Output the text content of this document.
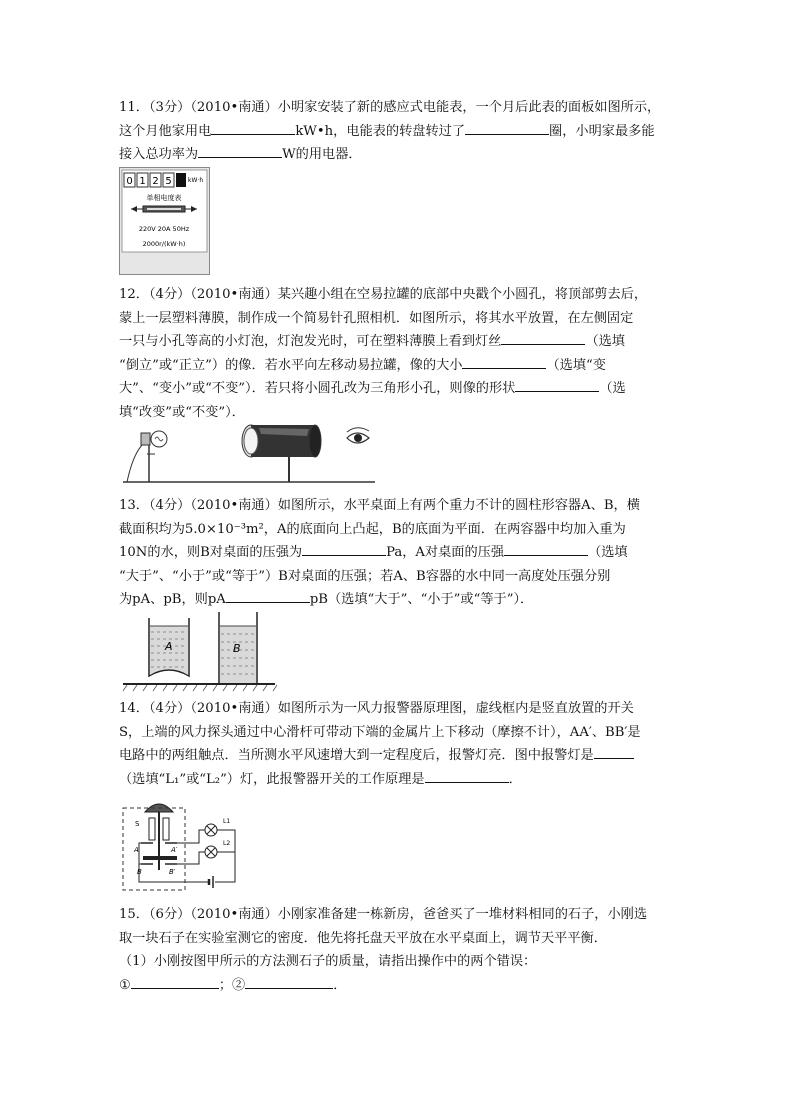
11．（3分）（2010•南通）小明家安装了新的感应式电能表，一个月后此表的面板如图所示，
这个月他家用电	kW•h，电能表的转盘转过了	圈，小明家最多能
接入总功率为	W的用电器．
0 1 2 5	kW·h
单相电度表
220V 20A 50Hz
2000r/(kW·h)
12．（4分）（2010•南通）某兴趣小组在空易拉罐的底部中央戳个小圆孔，将顶部剪去后，
蒙上一层塑料薄膜，制作成一个简易针孔照相机．如图所示，将其水平放置，在左侧固定
一只与小孔等高的小灯泡，灯泡发光时，可在塑料薄膜上看到灯丝	（选填
“倒立”或“正立”）的像．若水平向左移动易拉罐，像的大小	（选填“变
大”、“变小”或“不变”）．若只将小圆孔改为三角形小孔，则像的形状	（选
填“改变”或“不变”）．
13．（4分）（2010•南通）如图所示，水平桌面上有两个重力不计的圆柱形容器A、B，横
截面积均为5.0×10⁻³m²，A的底面向上凸起，B的底面为平面．在两容器中均加入重为
10N的水，则B对桌面的压强为	Pa，A对桌面的压强	（选填
“大于”、“小于”或“等于”）B对桌面的压强；若A、B容器的水中同一高度处压强分别
为pA、pB，则pA	pB（选填“大于”、“小于”或“等于”）．
A	B
14．（4分）（2010•南通）如图所示为一风力报警器原理图，虚线框内是竖直放置的开关
S，上端的风力探头通过中心滑杆可带动下端的金属片上下移动（摩擦不计），AA′、BB′是
电路中的两组触点．当所测水平风速增大到一定程度后，报警灯亮．图中报警灯是
（选填“L₁”或“L₂”）灯，此报警器开关的工作原理是	．
S
A	A′
B	B′
L1
L2
15．（6分）（2010•南通）小刚家准备建一栋新房，爸爸买了一堆材料相同的石子，小刚选
取一块石子在实验室测它的密度．他先将托盘天平放在水平桌面上，调节天平平衡．
（1）小刚按图甲所示的方法测石子的质量，请指出操作中的两个错误：
①	；②	．
